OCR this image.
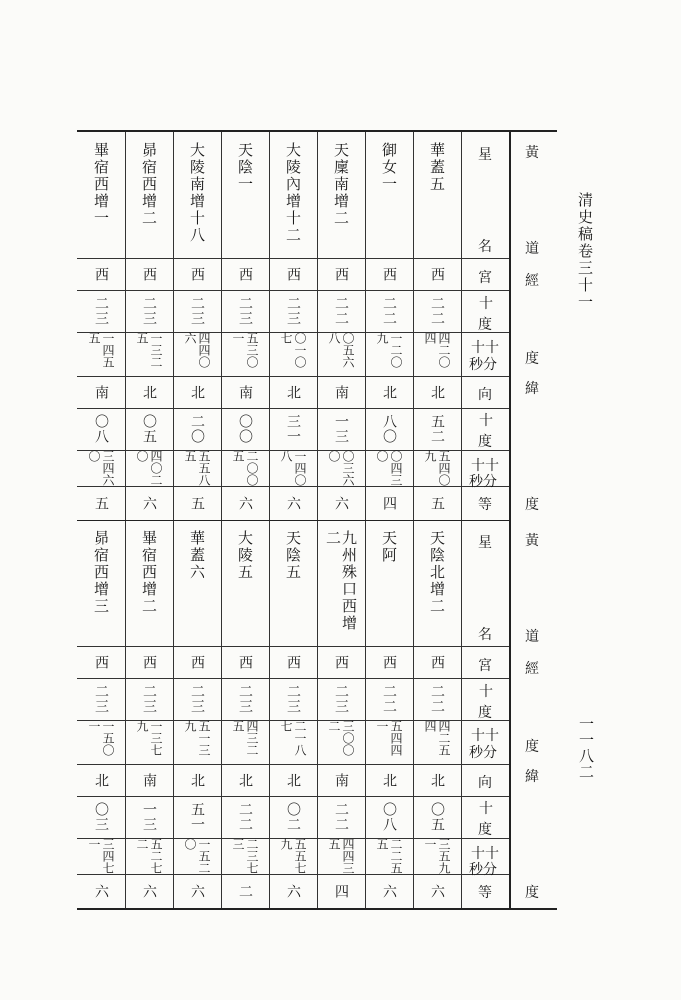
畢宿西增一
西
二三
一四五五
南
〇八
三四六〇
五
昴宿西增二
西
二三
一三二五
北
〇五
四〇二〇
六
大陵南增十八
西
二三
四四〇六
北
二〇
五五八五
五
天陰一
西
二三
五三〇一
南
〇〇
二〇〇五
六
大陵內增十二
西
二三
〇一〇七
北
三一
一四〇八
六
天廩南增二
西
二二
〇五六八
南
一三
〇三六〇
六
御女一
西
二二
一二〇九
北
八〇
〇四三〇
四
華蓋五
西
二二
四二〇四
北
五二
五四〇九
五
星
名
宮
十
度
十十
秒分
向
十
度
十十
秒分
等
黃
道
經
度
緯
度
昴宿西增三
西
二三
一五〇一
北
〇三
三四七一
六
畢宿西增二
西
二三
一三七九
南
一三
五二七二
六
華蓋六
西
二三
五一三九
北
五一
一五二〇
六
大陵五
西
二三
四三二五
北
二二
二三七三
二
天陰五
西
二三
二一八七
北
〇二
五五七九
六
九州殊口西增二
西
二三
三〇〇二
南
二二
四四三五
四
天阿
西
二二
五四四一
北
〇八
二二五五
六
天陰北增二
西
二二
四二五四
北
〇五
三五九一
六
星
名
宮
十
度
十十
秒分
向
十
度
十十
秒分
等
黃
道
經
度
緯
度
清史稿卷三十一
一一八二
